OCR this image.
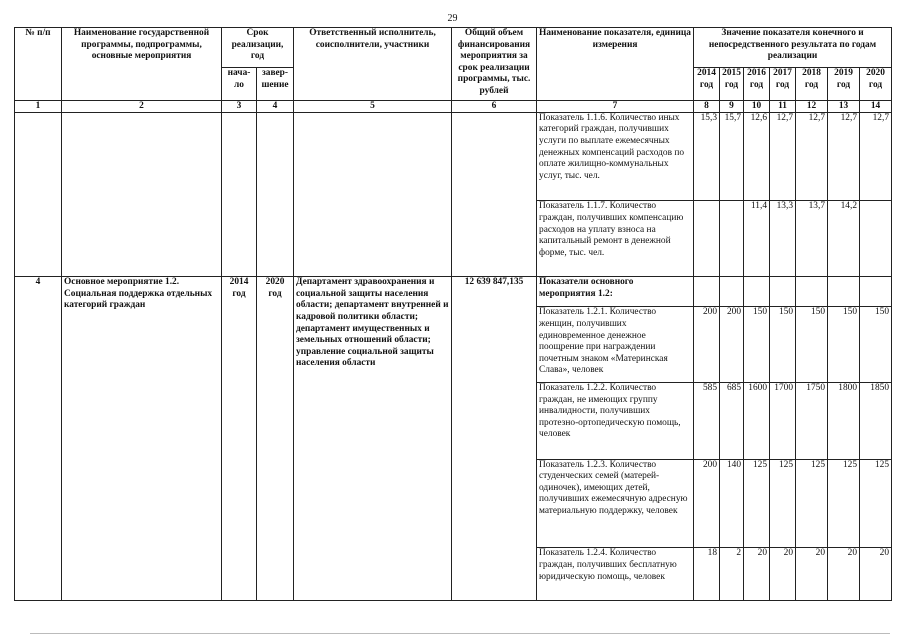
29
№ п/п	Наименование государственной программы, подпрограммы, основные мероприятия	Срок реализации, год		Ответственный исполнитель, соисполнители, участники	Общий объем финансирования мероприятия за срок реализации программы, тыс. рублей	Наименование показателя, единица измерения	Значение показателя конечного и непосредственного результата по годам реализации						
		нача-ло	завер-шение				2014 год	2015 год	2016 год	2017 год	2018 год	2019 год	2020 год
1	2	3	4	5	6	7	8	9	10	11	12	13	14
						Показатель 1.1.6. Количество иных категорий граждан, получивших услуги по выплате ежемесячных денежных компенсаций расходов по оплате жилищно-коммунальных услуг, тыс. чел.	15,3	15,7	12,6	12,7	12,7	12,7	12,7
						Показатель 1.1.7. Количество граждан, получивших компенсацию расходов на уплату взноса на капитальный ремонт в денежной форме, тыс. чел.			11,4	13,3	13,7	14,2	
4	Основное мероприятие 1.2. Социальная поддержка отдельных категорий граждан	2014 год	2020 год	Департамент здравоохранения и социальной защиты населения области; департамент внутренней и кадровой политики области; департамент имущественных и земельных отношений области; управление социальной защиты населения области	12 639 847,135	Показатели основного мероприятия 1.2:							
						Показатель 1.2.1. Количество женщин, получивших единовременное денежное поощрение при награждении почетным знаком «Материнская Слава», человек	200	200	150	150	150	150	150
						Показатель 1.2.2. Количество граждан, не имеющих группу инвалидности, получивших протезно-ортопедическую помощь, человек	585	685	1600	1700	1750	1800	1850
						Показатель 1.2.3. Количество студенческих семей (матерей-одиночек), имеющих детей, получивших ежемесячную адресную материальную поддержку, человек	200	140	125	125	125	125	125
						Показатель 1.2.4. Количество граждан, получивших бесплатную юридическую помощь, человек	18	2	20	20	20	20	20
